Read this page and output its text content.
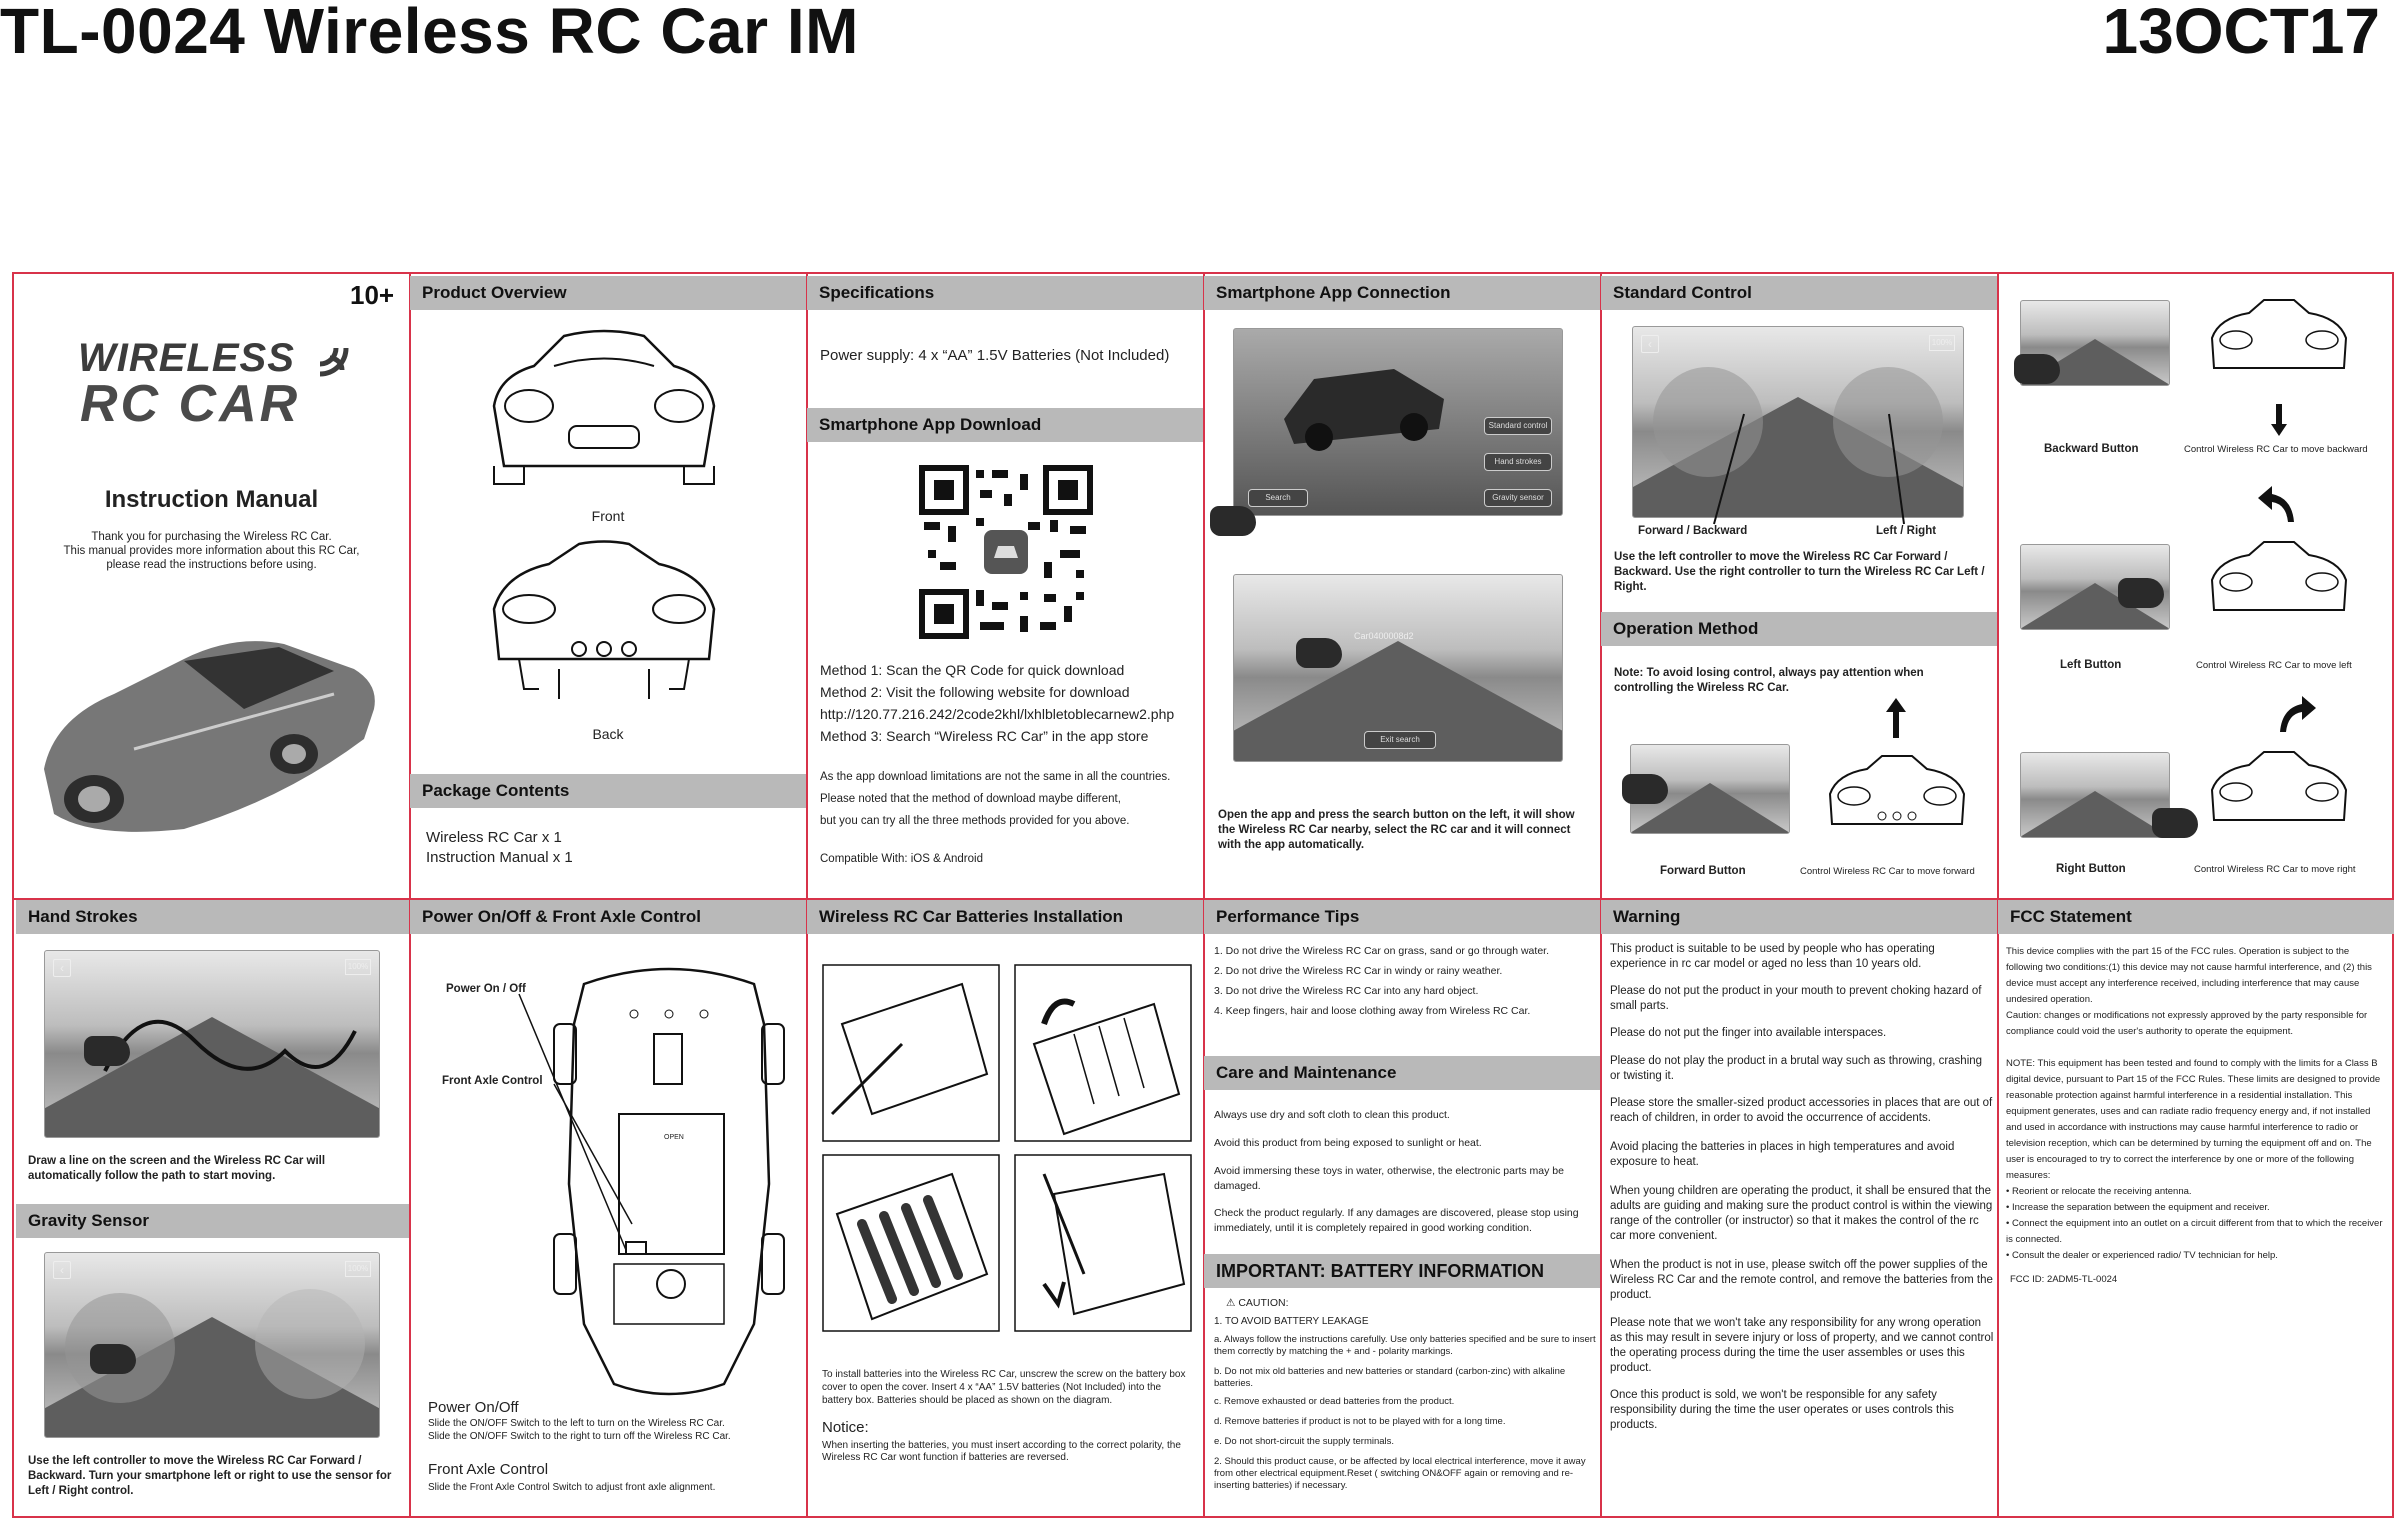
TL-0024 Wireless RC Car IM	13OCT17
10+
WIRELESS
RC CAR
Instruction Manual
Thank you for purchasing the Wireless RC Car.
This manual provides more information about this RC Car,
please read the instructions before using.
Product Overview
Front
Back
Package Contents
Wireless RC Car x 1
Instruction Manual x 1
Specifications
Power supply: 4 x “AA” 1.5V Batteries (Not Included)
Smartphone App Download
Method 1: Scan the QR Code for quick download
Method 2: Visit the following website for download
http://120.77.216.242/2code2khl/lxhlbletoblecarnew2.php
Method 3: Search “Wireless RC Car” in the app store
As the app download limitations are not the same in all the countries.
Please noted that the method of download maybe different,
but you can try all the three methods provided for you above.
Compatible With: iOS & Android
Smartphone App Connection
Standard control
Hand strokes
Gravity sensor
Search
Car0400008d2
Exit search
Open the app and press the search button on the left, it will show the Wireless RC Car nearby, select the RC car and it will connect with the app automatically.
Standard Control
‹	100%
Forward / Backward	Left / Right
Use the left controller to move the Wireless RC Car Forward / Backward. Use the right controller to turn the Wireless RC Car Left / Right.
Operation Method
Note: To avoid losing control, always pay attention when controlling the Wireless RC Car.
Forward Button	Control Wireless RC Car to move forward
Backward Button	Control Wireless RC Car to move backward
Left Button	Control Wireless RC Car to move left
Right Button	Control Wireless RC Car to move right
Hand Strokes
‹	100%
Draw a line on the screen and the Wireless RC Car will automatically follow the path to start moving.
Gravity Sensor
‹	100%
Use the left controller to move the Wireless RC Car Forward / Backward. Turn your smartphone left or right to use the sensor for Left / Right control.
Power On/Off & Front Axle Control
OPEN
Power On / Off
Front Axle Control
Power On/Off
Slide the ON/OFF Switch to the left to turn on the Wireless RC Car.
Slide the ON/OFF Switch to the right to turn off the Wireless RC Car.
Front Axle Control
Slide the Front Axle Control Switch to adjust front axle alignment.
Wireless RC Car Batteries Installation
To install batteries into the Wireless RC Car, unscrew the screw on the battery box cover to open the cover. Insert 4 x “AA” 1.5V batteries (Not Included) into the battery box. Batteries should be placed as shown on the diagram.
Notice:
When inserting the batteries, you must insert according to the correct polarity, the Wireless RC Car wont function if batteries are reversed.
Performance Tips
1. Do not drive the Wireless RC Car on grass, sand or go through water.
2. Do not drive the Wireless RC Car in windy or rainy weather.
3. Do not drive the Wireless RC Car into any hard object.
4. Keep fingers, hair and loose clothing away from Wireless RC Car.
Care and Maintenance
Always use dry and soft cloth to clean this product.
Avoid this product from being exposed to sunlight or heat.
Avoid immersing these toys in water, otherwise, the electronic parts may be damaged.
Check the product regularly. If any damages are discovered, please stop using immediately, until it is completely repaired in good working condition.
IMPORTANT: BATTERY INFORMATION
⚠ CAUTION:
1. TO AVOID BATTERY LEAKAGE
a. Always follow the instructions carefully. Use only batteries specified and be sure to insert them correctly by matching the + and - polarity markings.
b. Do not mix old batteries and new batteries or standard (carbon-zinc) with alkaline batteries.
c. Remove exhausted or dead batteries from the product.
d. Remove batteries if product is not to be played with for a long time.
e. Do not short-circuit the supply terminals.
2. Should this product cause, or be affected by local electrical interference, move it away from other electrical equipment.Reset ( switching ON&OFF again or removing and re-inserting batteries) if necessary.
Warning
This product is suitable to be used by people who has operating experience in rc car model or aged no less than 10 years old.
Please do not put the product in your mouth to prevent choking hazard of small parts.
Please do not put the finger into available interspaces.
Please do not play the product in a brutal way such as throwing, crashing or twisting it.
Please store the smaller-sized product accessories in places that are out of reach of children, in order to avoid the occurrence of accidents.
Avoid placing the batteries in places in high temperatures and avoid exposure to heat.
When young children are operating the product, it shall be ensured that the adults are guiding and making sure the product control is within the viewing range of the controller (or instructor) so that it makes the control of the rc car more convenient.
When the product is not in use, please switch off the power supplies of the Wireless RC Car and the remote control, and remove the batteries from the product.
Please note that we won't take any responsibility for any wrong operation as this may result in severe injury or loss of property, and we cannot control the operating process during the time the user assembles or uses this product.
Once this product is sold, we won't be responsible for any safety responsibility during the time the user operates or uses controls this products.
FCC Statement
This device complies with the part 15 of the FCC rules. Operation is subject to the following two conditions:(1) this device may not cause harmful interference, and (2) this device must accept any interference received, including interference that may cause undesired operation.
Caution: changes or modifications not expressly approved by the party responsible for compliance could void the user's authority to operate the equipment.
NOTE: This equipment has been tested and found to comply with the limits for a Class B digital device, pursuant to Part 15 of the FCC Rules. These limits are designed to provide reasonable protection against harmful interference in a residential installation. This equipment generates, uses and can radiate radio frequency energy and, if not installed and used in accordance with instructions may cause harmful interference to radio or television reception, which can be determined by turning the equipment off and on. The user is encouraged to try to correct the interference by one or more of the following measures:
• Reorient or relocate the receiving antenna.
• Increase the separation between the equipment and receiver.
• Connect the equipment into an outlet on a circuit different from that to which the receiver is connected.
• Consult the dealer or experienced radio/ TV technician for help.
FCC ID: 2ADM5-TL-0024
